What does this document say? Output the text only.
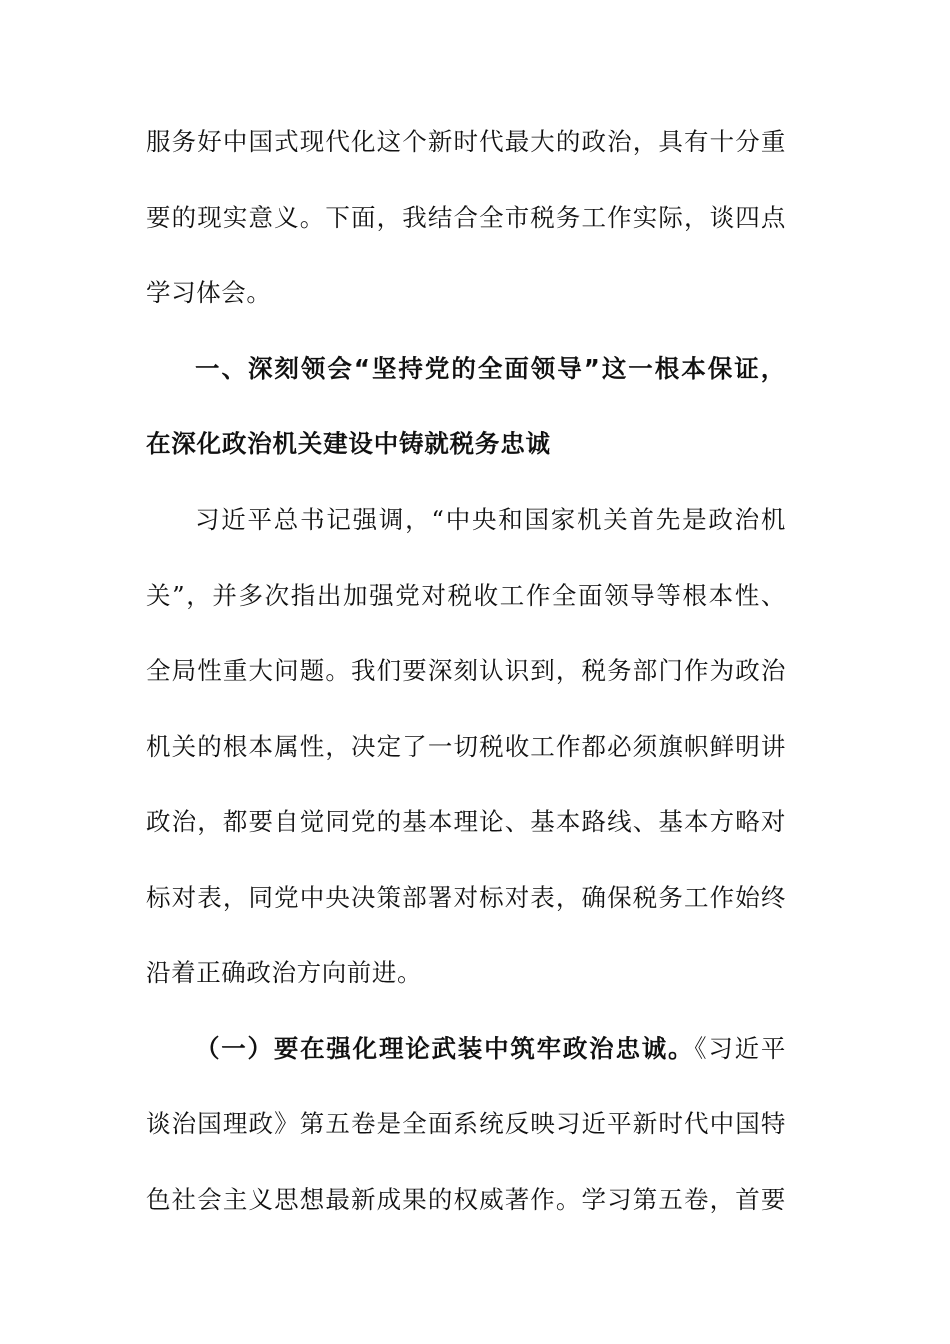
服务好中国式现代化这个新时代最大的政治，具有十分重
要的现实意义。下面，我结合全市税务工作实际，谈四点
学习体会。
一、深刻领会“坚持党的全面领导”这一根本保证，
在深化政治机关建设中铸就税务忠诚
习近平总书记强调，“中央和国家机关首先是政治机
关”，并多次指出加强党对税收工作全面领导等根本性、
全局性重大问题。我们要深刻认识到，税务部门作为政治
机关的根本属性，决定了一切税收工作都必须旗帜鲜明讲
政治，都要自觉同党的基本理论、基本路线、基本方略对
标对表，同党中央决策部署对标对表，确保税务工作始终
沿着正确政治方向前进。
（一）要在强化理论武装中筑牢政治忠诚。《习近平
谈治国理政》第五卷是全面系统反映习近平新时代中国特
色社会主义思想最新成果的权威著作。学习第五卷，首要
